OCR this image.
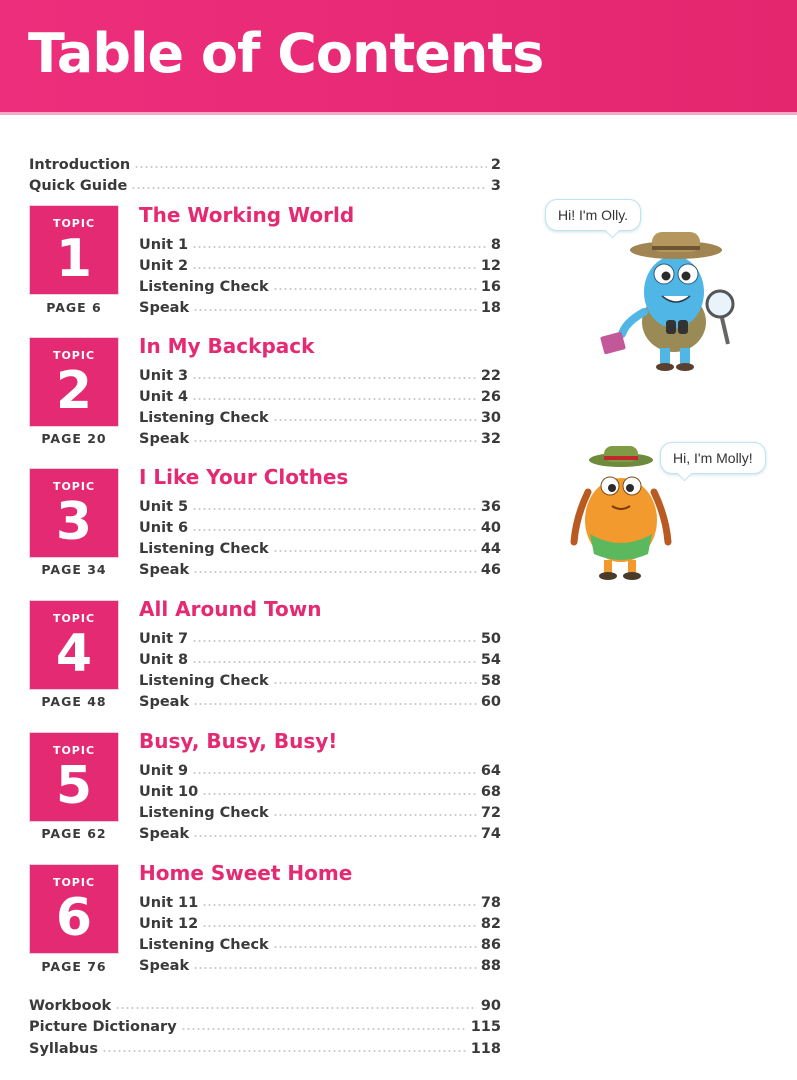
Table of Contents
Introduction	2
Quick Guide	3
TOPIC
1
PAGE 6
The Working World
Unit 1	8
Unit 2	12
Listening Check	16
Speak	18
TOPIC
2
PAGE 20
In My Backpack
Unit 3	22
Unit 4	26
Listening Check	30
Speak	32
TOPIC
3
PAGE 34
I Like Your Clothes
Unit 5	36
Unit 6	40
Listening Check	44
Speak	46
TOPIC
4
PAGE 48
All Around Town
Unit 7	50
Unit 8	54
Listening Check	58
Speak	60
TOPIC
5
PAGE 62
Busy, Busy, Busy!
Unit 9	64
Unit 10	68
Listening Check	72
Speak	74
TOPIC
6
PAGE 76
Home Sweet Home
Unit 11	78
Unit 12	82
Listening Check	86
Speak	88
Workbook	90
Picture Dictionary	115
Syllabus	118
Hi! I'm Olly.
Hi, I'm Molly!
